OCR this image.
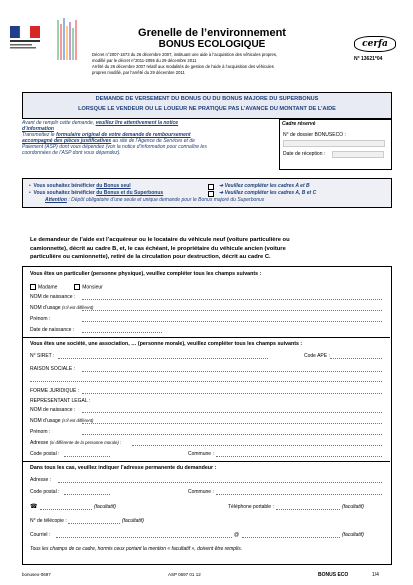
Grenelle de l’environnement
BONUS ECOLOGIQUE	cerfa
N° 13621*04
Décret n°2007-1873 du 26 décembre 2007, instituant une aide à l’acquisition des véhicules propres,
modifié par le décret n°2011-2055 du 29 décembre 2011
Arrêté du 26 décembre 2007 relatif aux modalités de gestion de l’aide à l’acquisition des véhicules
propres modifié, par l’arrêté du 29 décembre 2011
DEMANDE DE VERSEMENT DU BONUS OU DU BONUS MAJORE DU SUPERBONUS
LORSQUE LE VENDEUR OU LE LOUEUR NE PRATIQUE PAS L’AVANCE DU MONTANT DE L’AIDE
Avant de remplir cette demande, veuillez lire attentivement la notice
d’information
Transmettez le formulaire original de votre demande de remboursement
accompagné des pièces justificatives au site de l’Agence de Services et de
Paiement (ASP) dont vous dépendez (voir la notice d’information pour connaître les
coordonnées de l’ASP dont vous dépendez).
Cadre réservé
N° de dossier BONUSECO :
Date de réception :
•  Vous souhaitez bénéficier du Bonus seul	➔ Veuillez compléter les cadres A et B
•  Vous souhaitez bénéficier du Bonus et du Superbonus	➔ Veuillez compléter les cadres A, B et C
Attention : Dépôt obligatoire d’une seule et unique demande pour le Bonus majoré du Superbonus
Le demandeur de l’aide est l’acquéreur ou le locataire du véhicule neuf (voiture particulière ou
camionnette), décrit au cadre B, et, le cas échéant, le propriétaire du véhicule ancien (voiture
particulière ou camionnette), retiré de la circulation pour destruction, décrit au cadre C.
Vous êtes un particulier (personne physique), veuillez compléter tous les champs suivants :
Madame	Monsieur
NOM de naissance :
NOM d’usage (s’il est différent)
Prénom :
Date de naissance :
Vous êtes une société, une association, … (personne morale), veuillez compléter tous les champs suivants :
N° SIRET :	Code APE :
RAISON SOCIALE :
FORME JURIDIQUE :
REPRESENTANT LEGAL :
NOM de naissance :
NOM d’usage (s’il est différent)
Prénom :
Adresse (si différente de la personne morale) :
Code postal :	Commune :
Dans tous les cas, veuillez indiquer l’adresse permanente du demandeur :
Adresse :
Code postal :	Commune :
☎	(facultatif)	Téléphone portable :	(facultatif)
N° de télécopie :	(facultatif)
Courriel :	@	(facultatif)
Tous les champs de ce cadre, hormis ceux portant la mention « facultatif », doivent être remplis.
bonuseo-0697	ASP 0697 01 12	BONUS ECO	1/4
